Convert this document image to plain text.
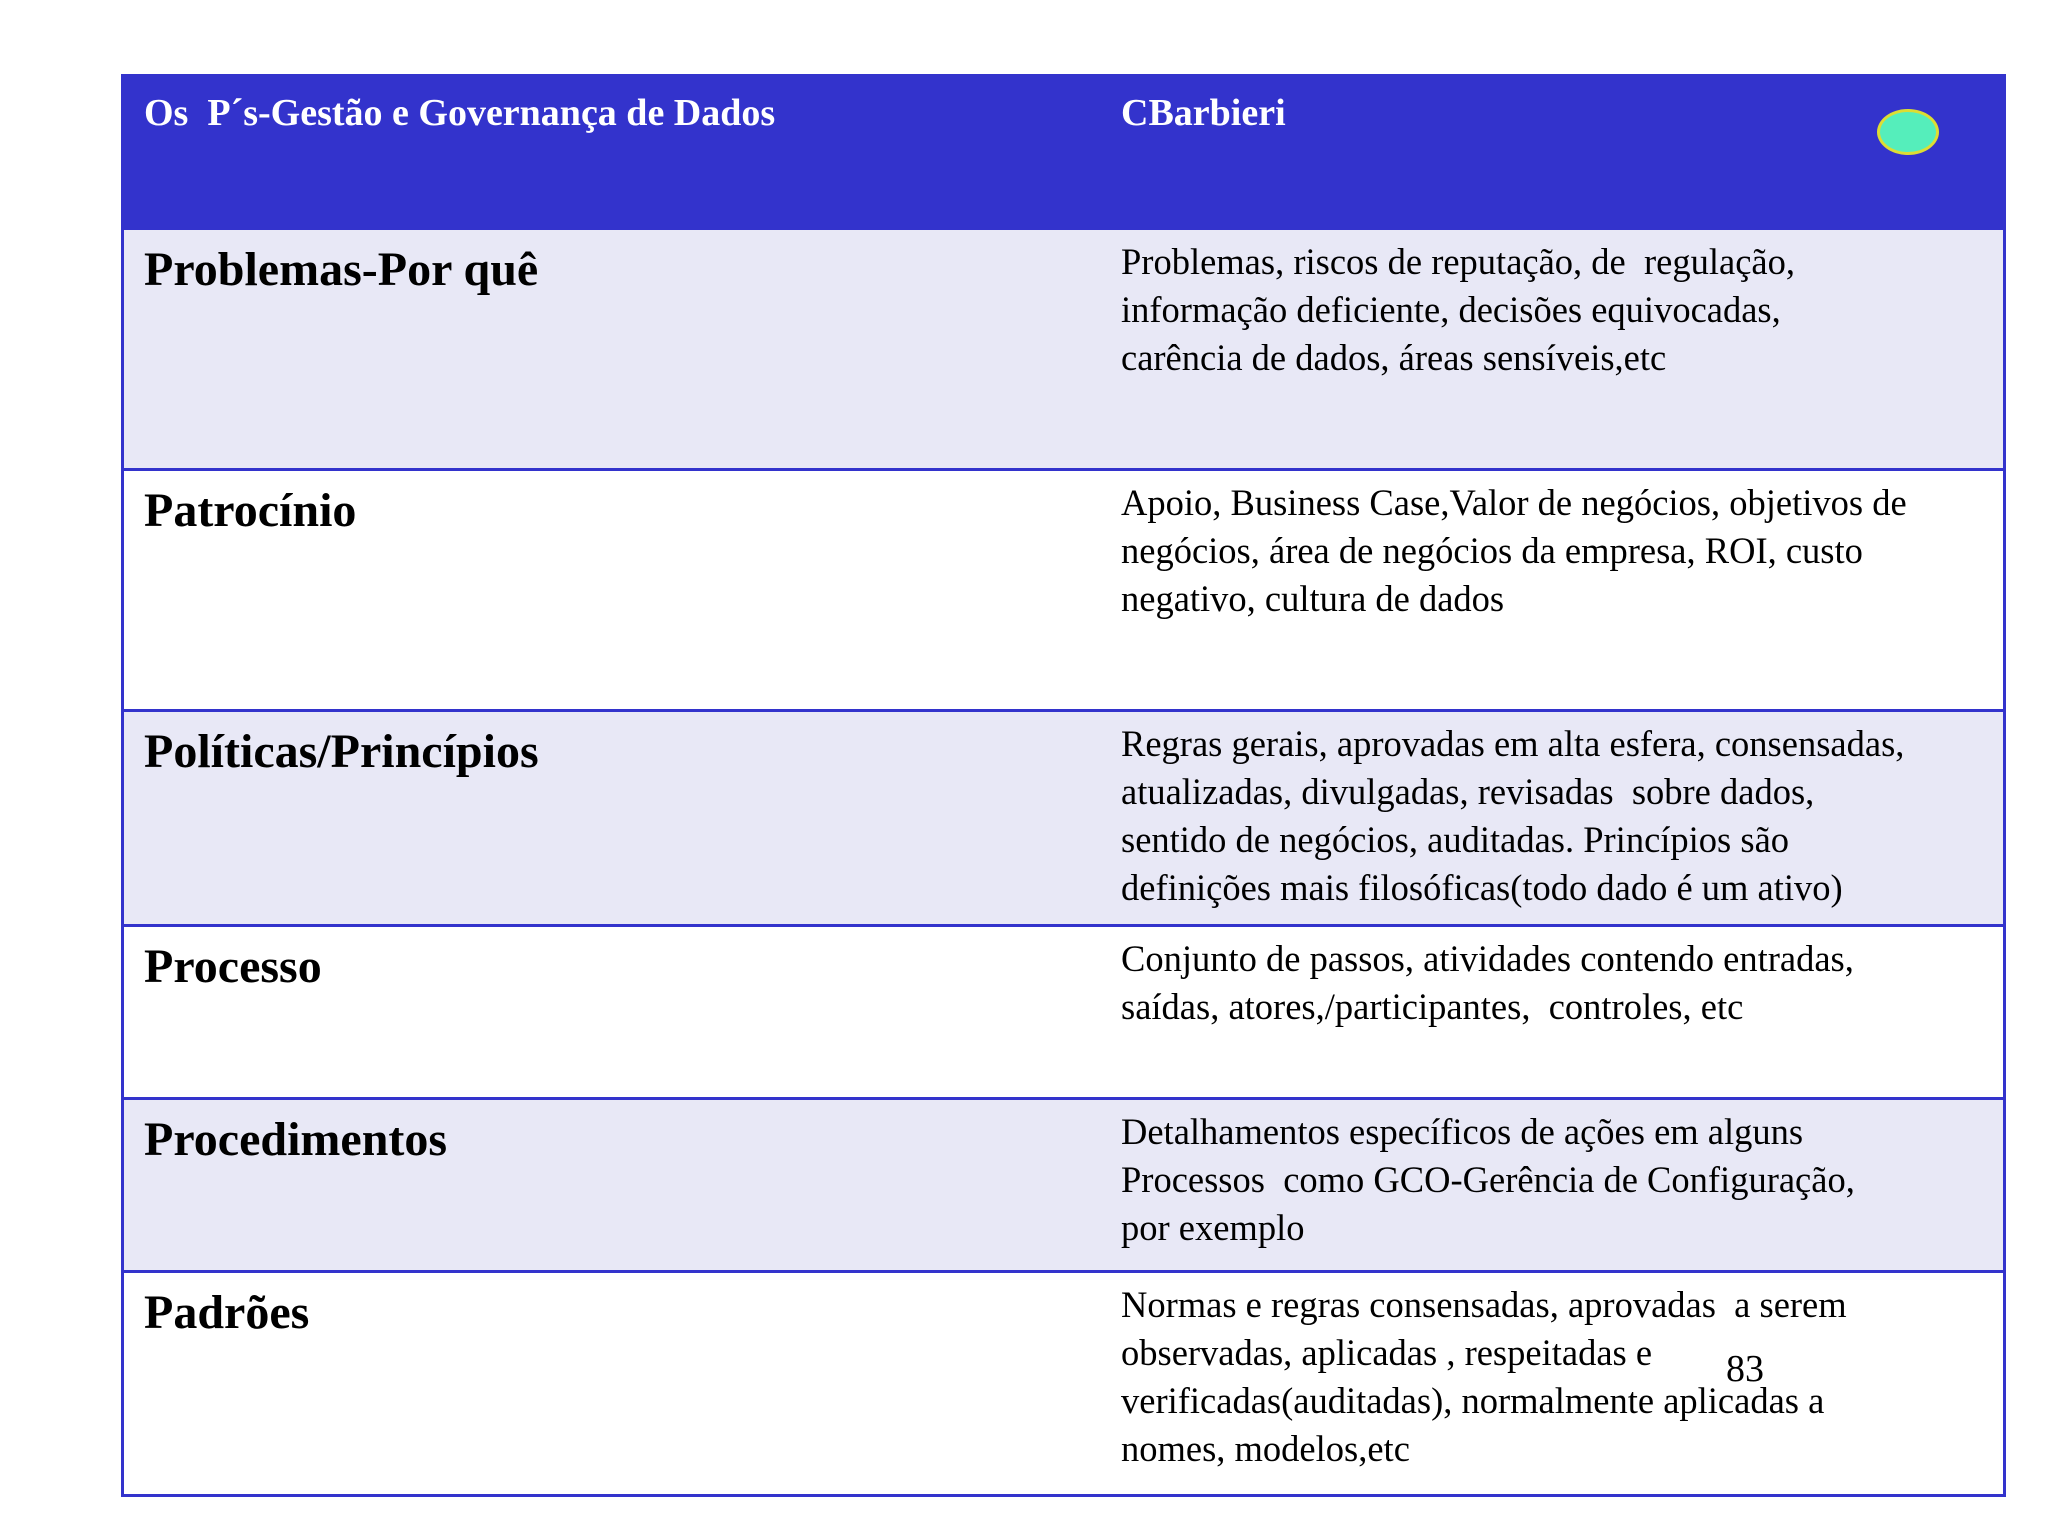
Os  P´s-Gestão e Governança de Dados	CBarbieri
Problemas-Por quê	Problemas, riscos de reputação, de  regulação,
informação deficiente, decisões equivocadas,
carência de dados, áreas sensíveis,etc
Patrocínio	Apoio, Business Case,Valor de negócios, objetivos de
negócios, área de negócios da empresa, ROI, custo
negativo, cultura de dados
Políticas/Princípios	Regras gerais, aprovadas em alta esfera, consensadas,
atualizadas, divulgadas, revisadas  sobre dados,
sentido de negócios, auditadas. Princípios são
definições mais filosóficas(todo dado é um ativo)
Processo	Conjunto de passos, atividades contendo entradas,
saídas, atores,/participantes,  controles, etc
Procedimentos	Detalhamentos específicos de ações em alguns
Processos  como GCO-Gerência de Configuração,
por exemplo
Padrões	Normas e regras consensadas, aprovadas  a serem
observadas, aplicadas , respeitadas e
verificadas(auditadas), normalmente aplicadas a
nomes, modelos,etc
83
